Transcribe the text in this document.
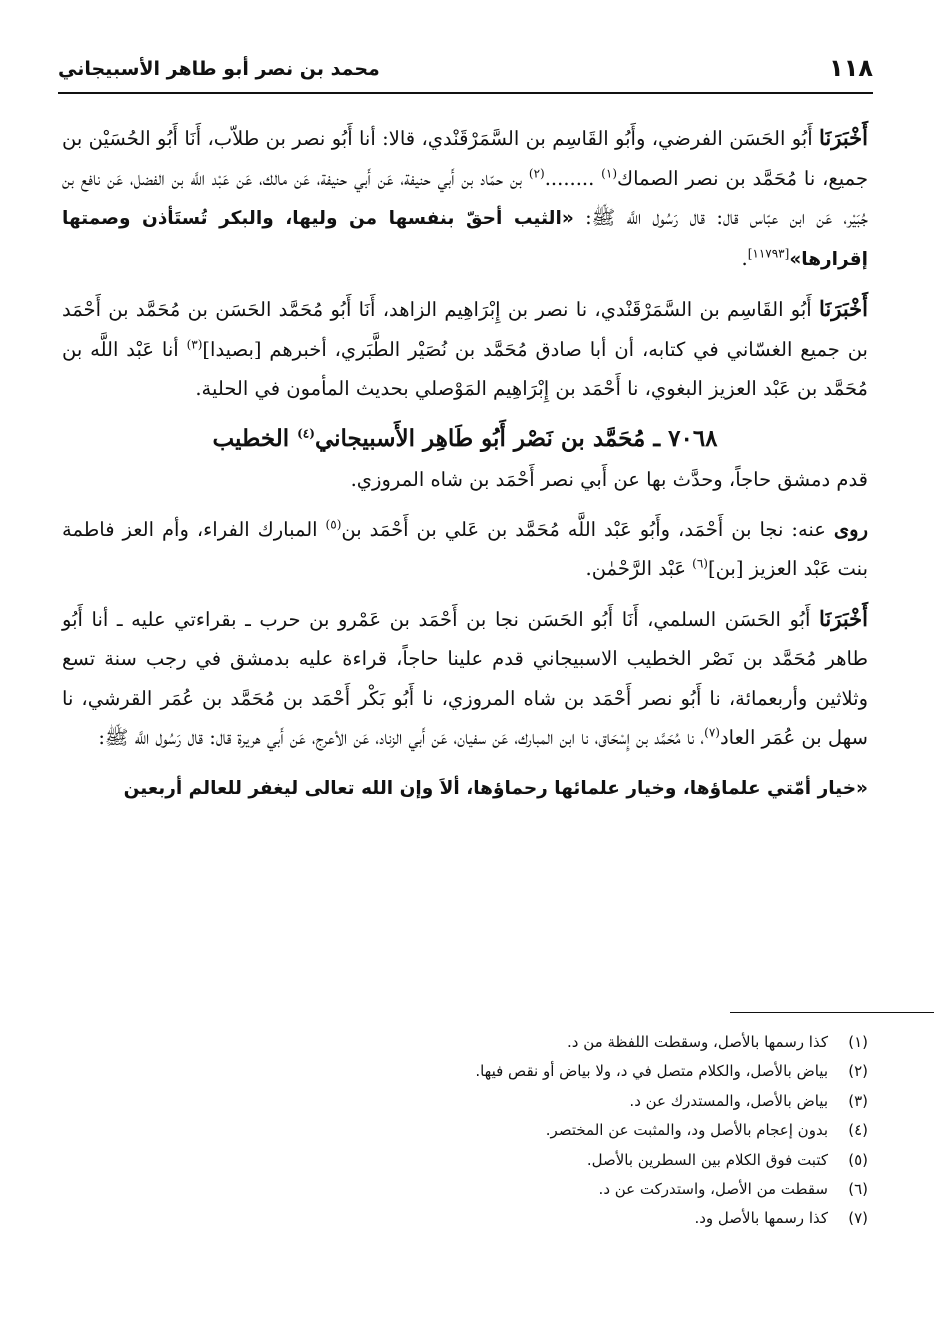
١١٨
محمد بن نصر أبو طاهر الأسبيجاني

أَخْبَرَنَا أَبُو الحَسَن الفرضي، وأَبُو القَاسِم بن السَّمَرْقَنْدي، قالا: أنا أَبُو نصر بن طلاّب، أَنَا أَبُو الحُسَيْن بن جميع، نا مُحَمَّد بن نصر الصماك$^{(١)}$ ........$^{(٢)}$ بن حمّاد بن أَبي حنيفة، عَن أَبي حنيفة، عَن مالك، عَن عَبْد اللَّه بن الفضل، عَن نافع بن جُبَيْر، عَن ابن عبّاس قال: قال رَسُول اللَّه ﷺ: «الثيب أحقّ بنفسها من وليها، والبكر تُستَأذن وصمتها إقرارها»[١١٧٩٣].

أَخْبَرَنَا أَبُو القَاسِم بن السَّمَرْقَنْدي، نا نصر بن إِبْرَاهِيم الزاهد، أَنَا أَبُو مُحَمَّد الحَسَن بن مُحَمَّد بن أَحْمَد بن جميع الغسّاني في كتابه، أن أبا صادق مُحَمَّد بن نُصَيْر الطَّبَري، أخبرهم [بصيدا]$^{(٣)}$ أنا عَبْد اللَّه بن مُحَمَّد بن عَبْد العزيز البغوي، نا أَحْمَد بن إِبْرَاهِيم المَوْصلي بحديث المأمون في الحلية.

٧٠٦٨ ـ مُحَمَّد بن نَصْر أَبُو طَاهِر الأَسبيجاني$^{(٤)}$ الخطيب

قدم دمشق حاجاً، وحدَّث بها عن أَبي نصر أَحْمَد بن شاه المروزي.

روى عنه: نجا بن أَحْمَد، وأَبُو عَبْد اللَّه مُحَمَّد بن عَلي بن أَحْمَد بن$^{(٥)}$ المبارك الفراء، وأم العز فاطمة بنت عَبْد العزيز [بن]$^{(٦)}$ عَبْد الرَّحْمٰن.

أَخْبَرَنَا أَبُو الحَسَن السلمي، أَنَا أَبُو الحَسَن نجا بن أَحْمَد بن عَمْرو بن حرب ـ بقراءتي عليه ـ أنا أَبُو طاهر مُحَمَّد بن نَصْر الخطيب الاسبيجاني قدم علينا حاجاً، قراءة عليه بدمشق في رجب سنة تسع وثلاثين وأربعمائة، نا أَبُو نصر أَحْمَد بن شاه المروزي، نا أَبُو بَكْر أَحْمَد بن مُحَمَّد بن عُمَر القرشي، نا سهل بن عُمَر العاد$^{(٧)}$، نا مُحَمَّد بن إِسْحَاق، نا ابن المبارك، عَن سفيان، عَن أَبي الزناد، عَن الأعرج، عَن أَبي هريرة قال: قال رَسُول اللَّه ﷺ:

«خيار أمّتي علماؤها، وخيار علمائها رحماؤها، ألاَ وإن الله تعالى ليغفر للعالم أربعين

(١)
كذا رسمها بالأصل، وسقطت اللفظة من د.
(٢)
بياض بالأصل، والكلام متصل في د، ولا بياض أو نقص فيها.
(٣)
بياض بالأصل، والمستدرك عن د.
(٤)
بدون إعجام بالأصل ود، والمثبت عن المختصر.
(٥)
كتبت فوق الكلام بين السطرين بالأصل.
(٦)
سقطت من الأصل، واستدركت عن د.
(٧)
كذا رسمها بالأصل ود.
